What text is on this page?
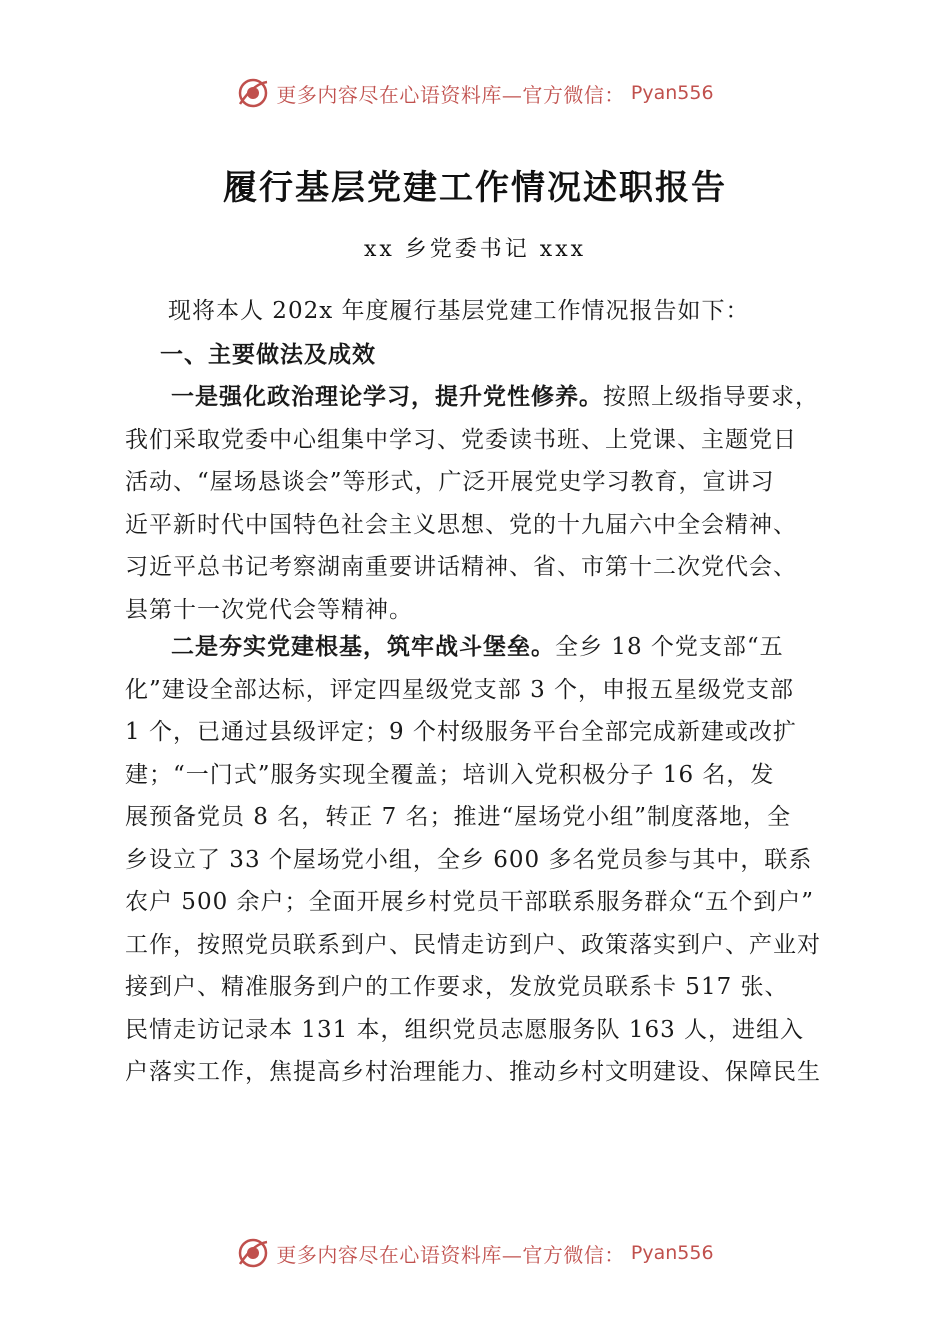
更多内容尽在心语资料库—官方微信： Pyan556
履行基层党建工作情况述职报告
xx 乡党委书记 xxx
现将本人 202x 年度履行基层党建工作情况报告如下：
一、主要做法及成效
一是强化政治理论学习，提升党性修养。按照上级指导要求，
我们采取党委中心组集中学习、党委读书班、上党课、主题党日
活动、“屋场恳谈会”等形式，广泛开展党史学习教育，宣讲习
近平新时代中国特色社会主义思想、党的十九届六中全会精神、
习近平总书记考察湖南重要讲话精神、省、市第十二次党代会、
县第十一次党代会等精神。
二是夯实党建根基，筑牢战斗堡垒。全乡 18 个党支部“五
化”建设全部达标，评定四星级党支部 3 个，申报五星级党支部
1 个，已通过县级评定；9 个村级服务平台全部完成新建或改扩
建；“一门式”服务实现全覆盖；培训入党积极分子 16 名，发
展预备党员 8 名，转正 7 名；推进“屋场党小组”制度落地，全
乡设立了 33 个屋场党小组，全乡 600 多名党员参与其中，联系
农户 500 余户；全面开展乡村党员干部联系服务群众“五个到户”
工作，按照党员联系到户、民情走访到户、政策落实到户、产业对
接到户、精准服务到户的工作要求，发放党员联系卡 517 张、
民情走访记录本 131 本，组织党员志愿服务队 163 人，进组入
户落实工作，焦提高乡村治理能力、推动乡村文明建设、保障民生
更多内容尽在心语资料库—官方微信： Pyan556
